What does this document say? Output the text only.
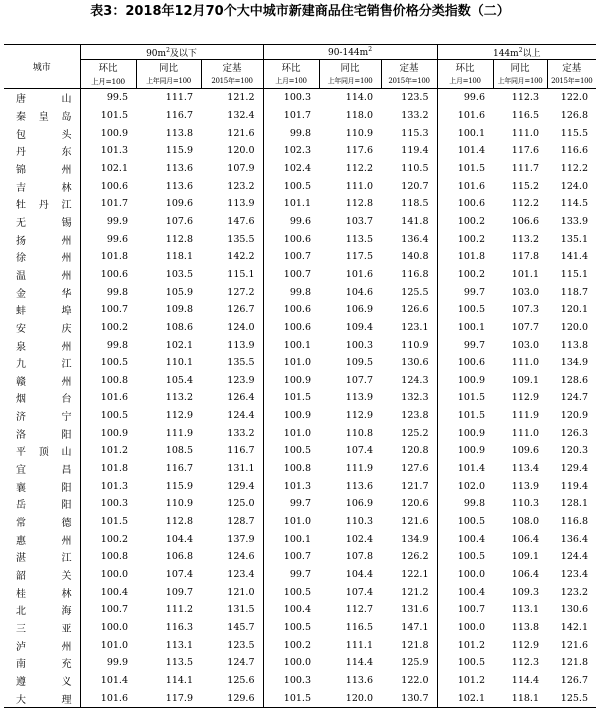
表3：2018年12月70个大中城市新建商品住宅销售价格分类指数（二）

城市	$90m^2$及以下			$90-144m^2$			$144m^2$以上		
	环比	同比	定基	环比	同比	定基	环比	同比	定基
	上月=100	上年同月=100	2015年=100	上月=100	上年同月=100	2015年=100	上月=100	上年同月=100	2015年=100
唐山	99.5	111.7	121.2	100.3	114.0	123.5	99.6	112.3	122.0
秦皇岛	101.5	116.7	132.4	101.7	118.0	133.2	101.6	116.5	126.8
包头	100.9	113.8	121.6	99.8	110.9	115.3	100.1	111.0	115.5
丹东	101.3	115.9	120.0	102.3	117.6	119.4	101.4	117.6	116.6
锦州	102.1	113.6	107.9	102.4	112.2	110.5	101.5	111.7	112.2
吉林	100.6	113.6	123.2	100.5	111.0	120.7	101.6	115.2	124.0
牡丹江	101.7	109.6	113.9	101.1	112.8	118.5	100.6	112.2	114.5
无锡	99.9	107.6	147.6	99.6	103.7	141.8	100.2	106.6	133.9
扬州	99.6	112.8	135.5	100.6	113.5	136.4	100.2	113.2	135.1
徐州	101.8	118.1	142.2	100.7	117.5	140.8	101.8	117.8	141.4
温州	100.6	103.5	115.1	100.7	101.6	116.8	100.2	101.1	115.1
金华	99.8	105.9	127.2	99.8	104.6	125.5	99.7	103.0	118.7
蚌埠	100.7	109.8	126.7	100.6	106.9	126.6	100.5	107.3	120.1
安庆	100.2	108.6	124.0	100.6	109.4	123.1	100.1	107.7	120.0
泉州	99.8	102.1	113.9	100.1	100.3	110.9	99.7	103.0	113.8
九江	100.5	110.1	135.5	101.0	109.5	130.6	100.6	111.0	134.9
赣州	100.8	105.4	123.9	100.9	107.7	124.3	100.9	109.1	128.6
烟台	101.6	113.2	126.4	101.5	113.9	132.3	101.5	112.9	124.7
济宁	100.5	112.9	124.4	100.9	112.9	123.8	101.5	111.9	120.9
洛阳	100.9	111.9	133.2	101.0	110.8	125.2	100.9	111.0	126.3
平顶山	101.2	108.5	116.7	100.5	107.4	120.8	100.9	109.6	120.3
宜昌	101.8	116.7	131.1	100.8	111.9	127.6	101.4	113.4	129.4
襄阳	101.3	115.9	129.4	101.3	113.6	121.7	102.0	113.9	119.4
岳阳	100.3	110.9	125.0	99.7	106.9	120.6	99.8	110.3	128.1
常德	101.5	112.8	128.7	101.0	110.3	121.6	100.5	108.0	116.8
惠州	100.2	104.4	137.9	100.1	102.4	134.9	100.4	106.4	136.4
湛江	100.8	106.8	124.6	100.7	107.8	126.2	100.5	109.1	124.4
韶关	100.0	107.4	123.4	99.7	104.4	122.1	100.0	106.4	123.4
桂林	100.4	109.7	121.0	100.5	107.4	121.2	100.4	109.3	123.2
北海	100.7	111.2	131.5	100.4	112.7	131.6	100.7	113.1	130.6
三亚	100.0	116.3	145.7	100.5	116.5	147.1	100.0	113.8	142.1
泸州	101.0	113.1	123.5	100.2	111.1	121.8	101.2	112.9	121.6
南充	99.9	113.5	124.7	100.0	114.4	125.9	100.5	112.3	121.8
遵义	101.4	114.1	125.6	100.3	113.6	122.0	101.2	114.4	126.7
大理	101.6	117.9	129.6	101.5	120.0	130.7	102.1	118.1	125.5
